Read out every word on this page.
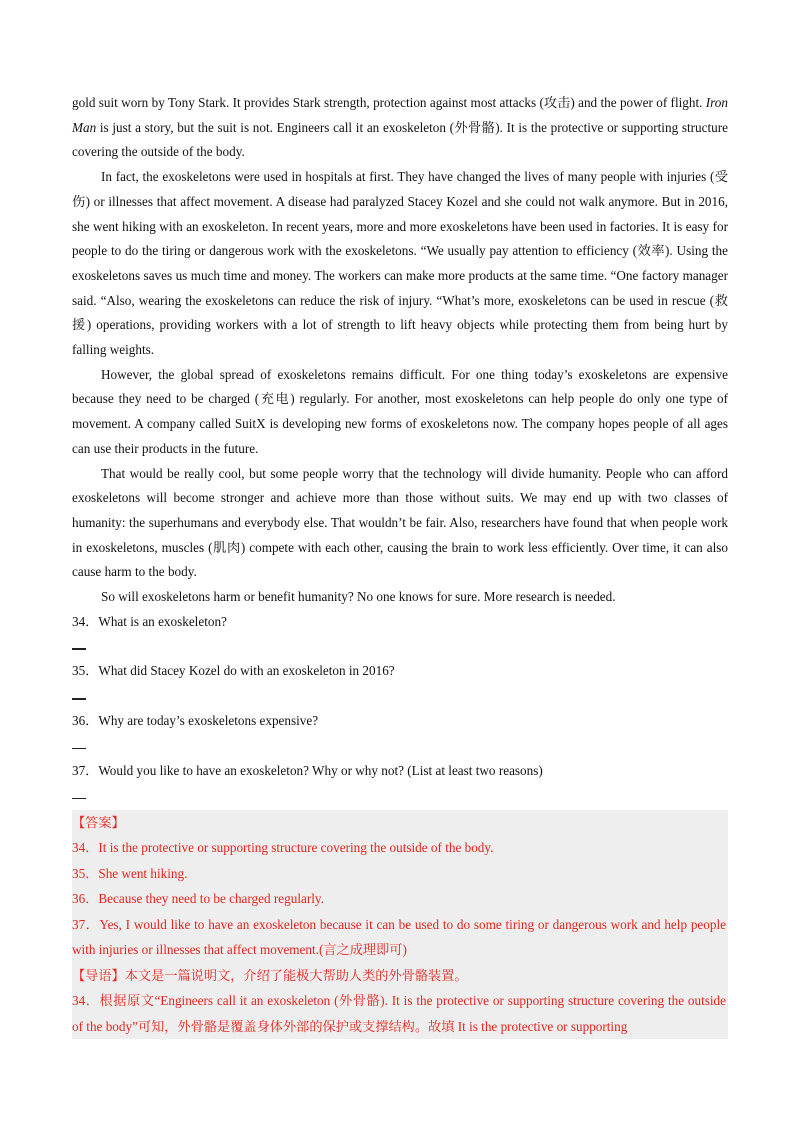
gold suit worn by Tony Stark. It provides Stark strength, protection against most attacks (攻击) and the power of flight. Iron Man is just a story, but the suit is not. Engineers call it an exoskeleton (外骨骼). It is the protective or supporting structure covering the outside of the body.

In fact, the exoskeletons were used in hospitals at first. They have changed the lives of many people with injuries (受伤) or illnesses that affect movement. A disease had paralyzed Stacey Kozel and she could not walk anymore. But in 2016, she went hiking with an exoskeleton. In recent years, more and more exoskeletons have been used in factories. It is easy for people to do the tiring or dangerous work with the exoskeletons. “We usually pay attention to efficiency (效率). Using the exoskeletons saves us much time and money. The workers can make more products at the same time. “One factory manager said. “Also, wearing the exoskeletons can reduce the risk of injury. “What’s more, exoskeletons can be used in rescue (救援) operations, providing workers with a lot of strength to lift heavy objects while protecting them from being hurt by falling weights.

However, the global spread of exoskeletons remains difficult. For one thing today’s exoskeletons are expensive because they need to be charged (充电) regularly. For another, most exoskeletons can help people do only one type of movement. A company called SuitX is developing new forms of exoskeletons now. The company hopes people of all ages can use their products in the future.

That would be really cool, but some people worry that the technology will divide humanity. People who can afford exoskeletons will become stronger and achieve more than those without suits. We may end up with two classes of humanity: the superhumans and everybody else. That wouldn’t be fair. Also, researchers have found that when people work in exoskeletons, muscles (肌肉) compete with each other, causing the brain to work less efficiently. Over time, it can also cause harm to the body.

So will exoskeletons harm or benefit humanity? No one knows for sure. More research is needed.

34．What is an exoskeleton?

35．What did Stacey Kozel do with an exoskeleton in 2016?

36．Why are today’s exoskeletons expensive?

37．Would you like to have an exoskeleton? Why or why not? (List at least two reasons)

【答案】

34．It is the protective or supporting structure covering the outside of the body.

35．She went hiking.

36．Because they need to be charged regularly.

37．Yes, I would like to have an exoskeleton because it can be used to do some tiring or dangerous work and help people with injuries or illnesses that affect movement.(言之成理即可)

【导语】本文是一篇说明文，介绍了能极大帮助人类的外骨骼装置。

34．根据原文“Engineers call it an exoskeleton (外骨骼). It is the protective or supporting structure covering the outside of the body”可知，外骨骼是覆盖身体外部的保护或支撑结构。故填 It is the protective or supporting
